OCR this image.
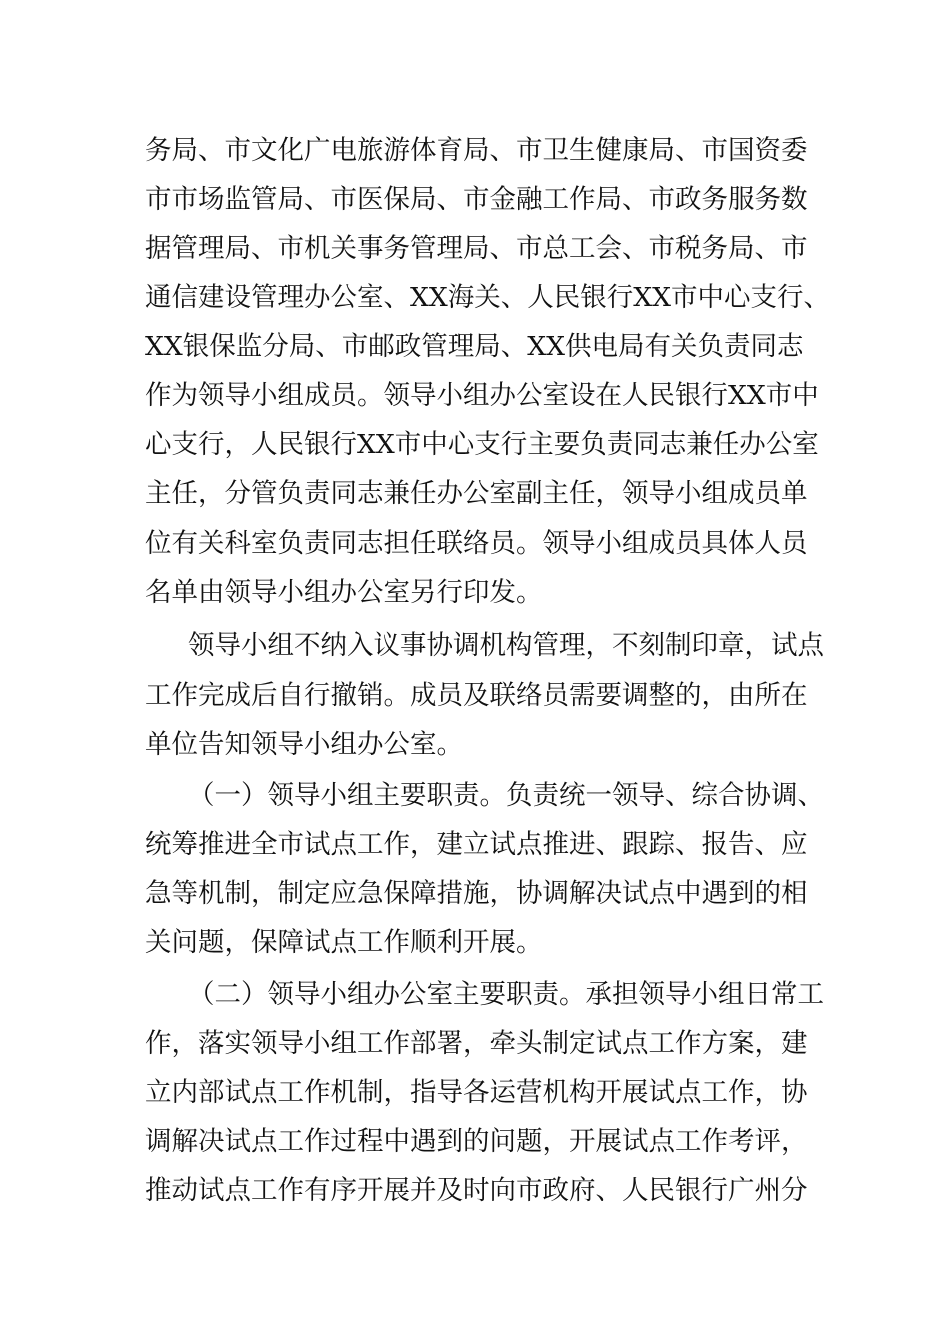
务局、市文化广电旅游体育局、市卫生健康局、市国资委
市市场监管局、市医保局、市金融工作局、市政务服务数
据管理局、市机关事务管理局、市总工会、市税务局、市
通信建设管理办公室、XX海关、人民银行XX市中心支行、
XX银保监分局、市邮政管理局、XX供电局有关负责同志
作为领导小组成员。领导小组办公室设在人民银行XX市中
心支行，人民银行XX市中心支行主要负责同志兼任办公室
主任，分管负责同志兼任办公室副主任，领导小组成员单
位有关科室负责同志担任联络员。领导小组成员具体人员
名单由领导小组办公室另行印发。
领导小组不纳入议事协调机构管理，不刻制印章，试点
工作完成后自行撤销。成员及联络员需要调整的，由所在
单位告知领导小组办公室。
（一）领导小组主要职责。负责统一领导、综合协调、
统筹推进全市试点工作，建立试点推进、跟踪、报告、应
急等机制，制定应急保障措施，协调解决试点中遇到的相
关问题，保障试点工作顺利开展。
（二）领导小组办公室主要职责。承担领导小组日常工
作，落实领导小组工作部署，牵头制定试点工作方案，建
立内部试点工作机制，指导各运营机构开展试点工作，协
调解决试点工作过程中遇到的问题，开展试点工作考评，
推动试点工作有序开展并及时向市政府、人民银行广州分
